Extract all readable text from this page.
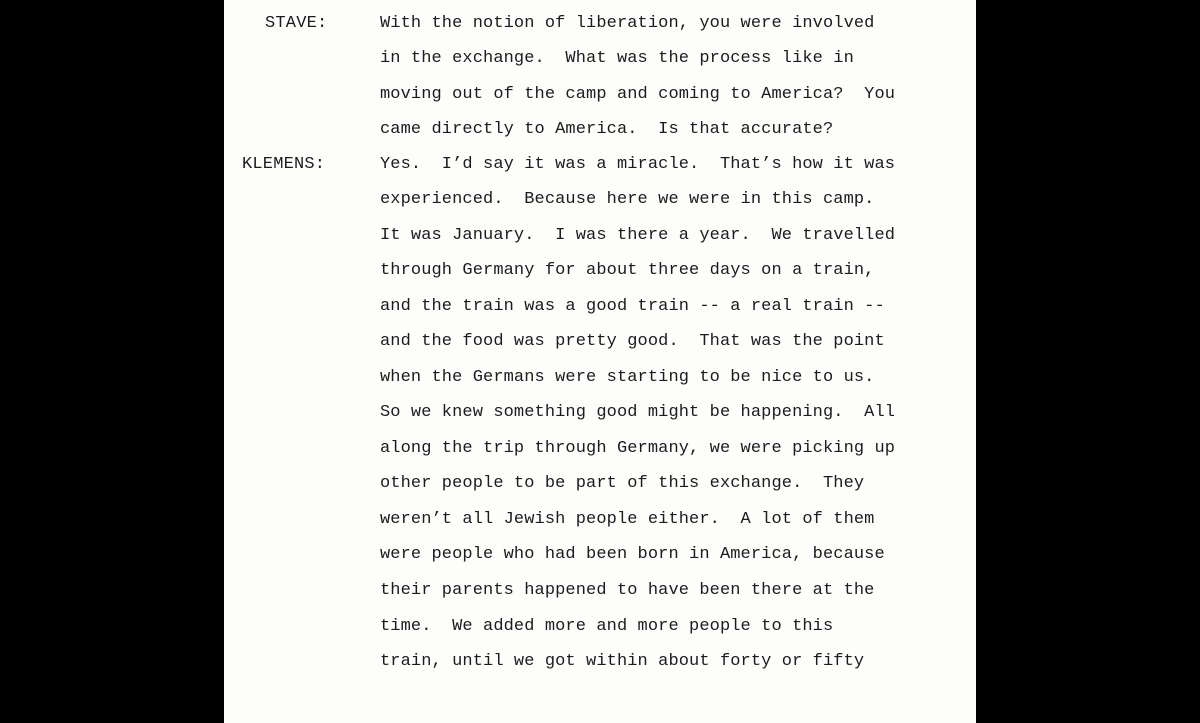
STAVE:
KLEMENS:
With the notion of liberation, you were involved
in the exchange.  What was the process like in
moving out of the camp and coming to America?  You
came directly to America.  Is that accurate?
Yes.  I’d say it was a miracle.  That’s how it was
experienced.  Because here we were in this camp.
It was January.  I was there a year.  We travelled
through Germany for about three days on a train,
and the train was a good train -- a real train --
and the food was pretty good.  That was the point
when the Germans were starting to be nice to us.
So we knew something good might be happening.  All
along the trip through Germany, we were picking up
other people to be part of this exchange.  They
weren’t all Jewish people either.  A lot of them
were people who had been born in America, because
their parents happened to have been there at the
time.  We added more and more people to this
train, until we got within about forty or fifty
